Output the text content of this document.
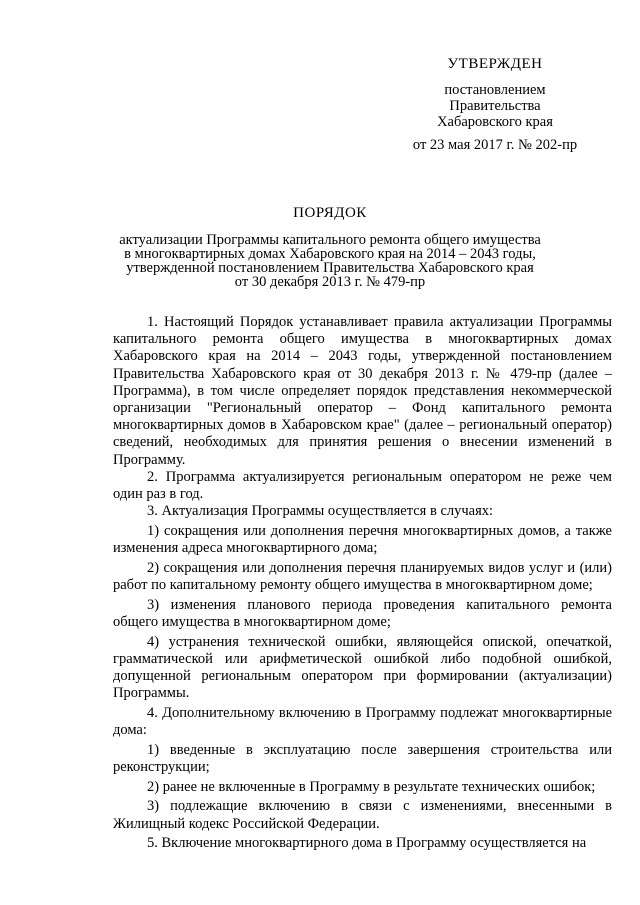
УТВЕРЖДЕН
постановлением
Правительства
Хабаровского края
от 23 мая 2017 г. № 202-пр
ПОРЯДОК
актуализации Программы капитального ремонта общего имущества
в многоквартирных домах Хабаровского края на 2014 – 2043 годы,
утвержденной постановлением Правительства Хабаровского края
от 30 декабря 2013 г. № 479-пр

1. Настоящий Порядок устанавливает правила актуализации Программы капитального ремонта общего имущества в многоквартирных домах Хабаровского края на 2014 – 2043 годы, утвержденной постановлением Правительства Хабаровского края от 30 декабря 2013 г. № 479-пр (далее – Программа), в том числе определяет порядок представления некоммерческой организации "Региональный оператор – Фонд капитального ремонта многоквартирных домов в Хабаровском крае" (далее – региональный оператор) сведений, необходимых для принятия решения о внесении изменений в Программу.

2. Программа актуализируется региональным оператором не реже чем один раз в год.

3. Актуализация Программы осуществляется в случаях:

1) сокращения или дополнения перечня многоквартирных домов, а также изменения адреса многоквартирного дома;

2) сокращения или дополнения перечня планируемых видов услуг и (или) работ по капитальному ремонту общего имущества в многоквартирном доме;

3) изменения планового периода проведения капитального ремонта общего имущества в многоквартирном доме;

4) устранения технической ошибки, являющейся опиской, опечаткой, грамматической или арифметической ошибкой либо подобной ошибкой, допущенной региональным оператором при формировании (актуализации) Программы.

4. Дополнительному включению в Программу подлежат многоквартирные дома:

1) введенные в эксплуатацию после завершения строительства или реконструкции;

2) ранее не включенные в Программу в результате технических ошибок;

3) подлежащие включению в связи с изменениями, внесенными в Жилищный кодекс Российской Федерации.

5. Включение многоквартирного дома в Программу осуществляется на
